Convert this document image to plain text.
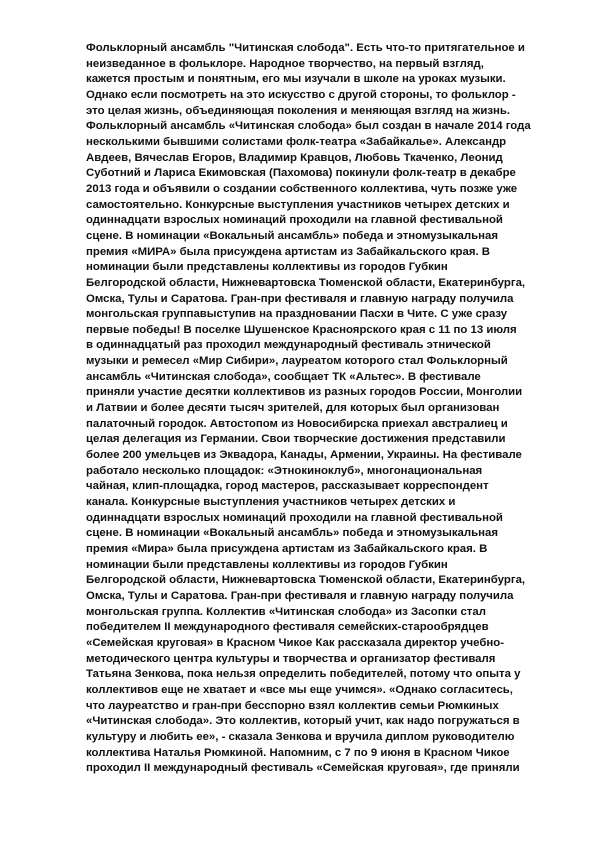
Фольклорный ансамбль "Читинская слобода". Есть что-то притягательное и
неизведанное в фольклоре. Народное творчество, на первый взгляд,
кажется простым и понятным, его мы изучали в школе на уроках музыки.
Однако если посмотреть на это искусство с другой стороны, то фольклор -
это целая жизнь, объединяющая поколения и меняющая взгляд на жизнь.
Фольклорный ансамбль «Читинская слобода» был создан в начале 2014 года
несколькими бывшими солистами фолк-театра «Забайкалье». Александр
Авдеев, Вячеслав Егоров, Владимир Кравцов, Любовь Ткаченко, Леонид
Суботний и Лариса Екимовская (Пахомова) покинули фолк-театр в декабре
2013 года и объявили о создании собственного коллектива, чуть позже уже
самостоятельно. Конкурсные выступления участников четырех детских и
одиннадцати взрослых номинаций проходили на главной фестивальной
сцене. В номинации «Вокальный ансамбль» победа и этномузыкальная
премия «МИРА» была присуждена артистам из Забайкальского края. В
номинации были представлены коллективы из городов Губкин
Белгородской области, Нижневартовска Тюменской области, Екатеринбурга,
Омска, Тулы и Саратова. Гран-при фестиваля и главную награду получила
монгольская группавыступив на праздновании Пасхи в Чите. С уже сразу
первые победы! В поселке Шушенское Красноярского края с 11 по 13 июля
в одиннадцатый раз проходил международный фестиваль этнической
музыки и ремесел «Мир Сибири», лауреатом которого стал Фольклорный
ансамбль «Читинская слобода», сообщает ТК «Альтес». В фестивале
приняли участие десятки коллективов из разных городов России, Монголии
и Латвии и более десяти тысяч зрителей, для которых был организован
палаточный городок. Автостопом из Новосибирска приехал австралиец и
целая делегация из Германии. Свои творческие достижения представили
более 200 умельцев из Эквадора, Канады, Армении, Украины. На фестивале
работало несколько площадок: «Этнокиноклуб», многонациональная
чайная, клип-площадка, город мастеров, рассказывает корреспондент
канала. Конкурсные выступления участников четырех детских и
одиннадцати взрослых номинаций проходили на главной фестивальной
сцене. В номинации «Вокальный ансамбль» победа и этномузыкальная
премия «Мира» была присуждена артистам из Забайкальского края. В
номинации были представлены коллективы из городов Губкин
Белгородской области, Нижневартовска Тюменской области, Екатеринбурга,
Омска, Тулы и Саратова. Гран-при фестиваля и главную награду получила
монгольская группа. Коллектив «Читинская слобода» из Засопки стал
победителем II международного фестиваля семейских-старообрядцев
«Семейская круговая» в Красном Чикое Как рассказала директор учебно-
методического центра культуры и творчества и организатор фестиваля
Татьяна Зенкова, пока нельзя определить победителей, потому что опыта у
коллективов еще не хватает и «все мы еще учимся». «Однако согласитесь,
что лауреатство и гран-при бесспорно взял коллектив семьи Рюмкиных
«Читинская слобода». Это коллектив, который учит, как надо погружаться в
культуру и любить ее», - сказала Зенкова и вручила диплом руководителю
коллектива Наталья Рюмкиной. Напомним, с 7 по 9 июня в Красном Чикое
проходил II международный фестиваль «Семейская круговая», где приняли
